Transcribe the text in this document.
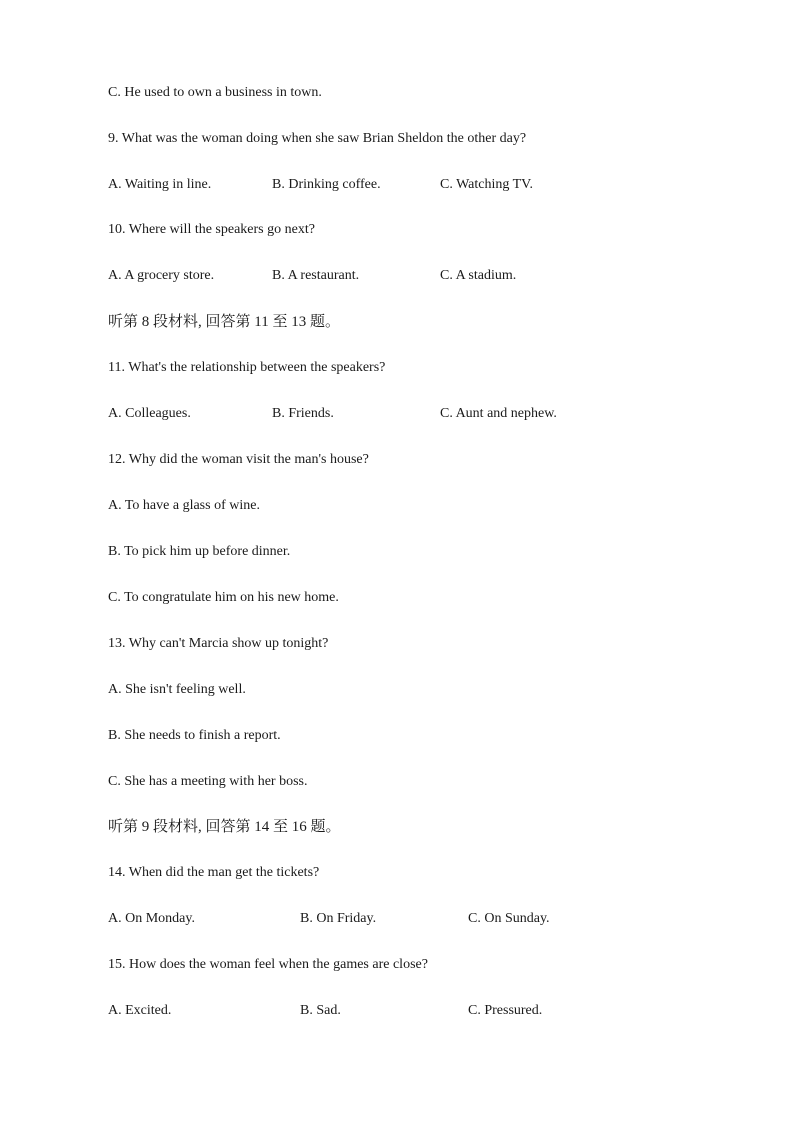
C. He used to own a business in town.
9. What was the woman doing when she saw Brian Sheldon the other day?
A. Waiting in line.	B. Drinking coffee.	C. Watching TV.
10. Where will the speakers go next?
A. A grocery store.	B. A restaurant.	C. A stadium.
听第 8 段材料, 回答第 11 至 13 题。
11. What's the relationship between the speakers?
A. Colleagues.	B. Friends.	C. Aunt and nephew.
12. Why did the woman visit the man's house?
A. To have a glass of wine.
B. To pick him up before dinner.
C. To congratulate him on his new home.
13. Why can't Marcia show up tonight?
A. She isn't feeling well.
B. She needs to finish a report.
C. She has a meeting with her boss.
听第 9 段材料, 回答第 14 至 16 题。
14. When did the man get the tickets?
A. On Monday.	B. On Friday.	C. On Sunday.
15. How does the woman feel when the games are close?
A. Excited.	B. Sad.	C. Pressured.
